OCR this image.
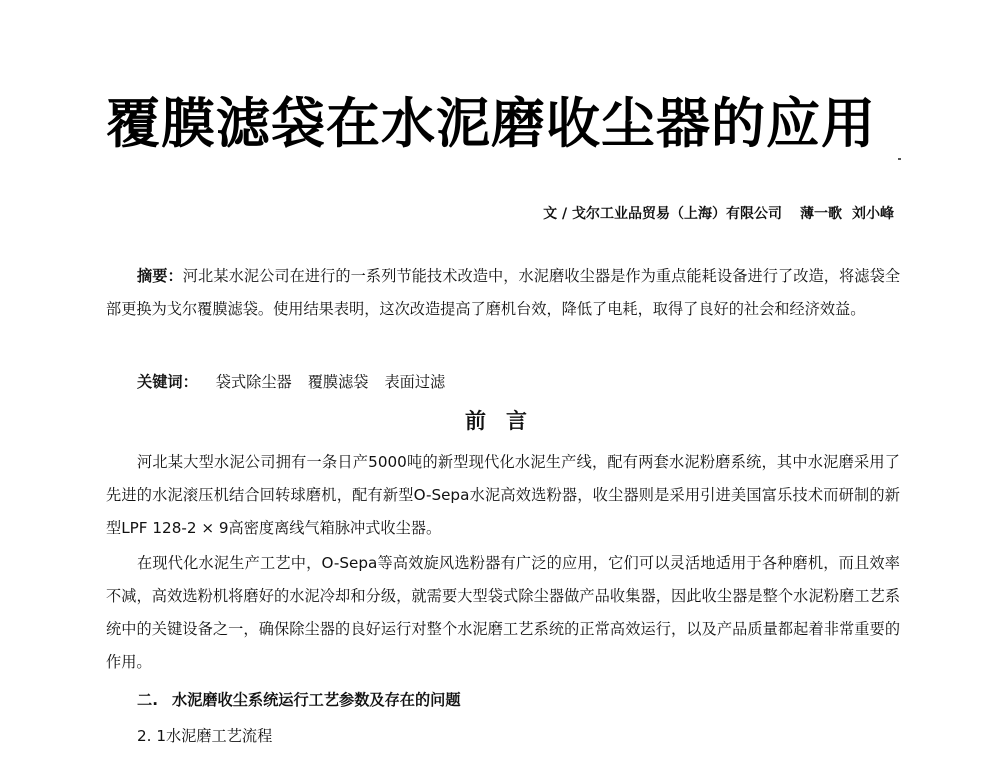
覆膜滤袋在水泥磨收尘器的应用
文 / 戈尔工业品贸易（上海）有限公司 薄一歌 刘小峰

摘要：河北某水泥公司在进行的一系列节能技术改造中，水泥磨收尘器是作为重点能耗设备进行了改造，将滤袋全部更换为戈尔覆膜滤袋。使用结果表明，这次改造提高了磨机台效，降低了电耗，取得了良好的社会和经济效益。

关键词： 袋式除尘器 覆膜滤袋 表面过滤
前言

河北某大型水泥公司拥有一条日产5000吨的新型现代化水泥生产线，配有两套水泥粉磨系统，其中水泥磨采用了先进的水泥滚压机结合回转球磨机，配有新型O-Sepa水泥高效选粉器，收尘器则是采用引进美国富乐技术而研制的新型LPF 128-2 × 9高密度离线气箱脉冲式收尘器。

在现代化水泥生产工艺中，O-Sepa等高效旋风选粉器有广泛的应用，它们可以灵活地适用于各种磨机，而且效率不减，高效选粉机将磨好的水泥冷却和分级，就需要大型袋式除尘器做产品收集器，因此收尘器是整个水泥粉磨工艺系统中的关键设备之一，确保除尘器的良好运行对整个水泥磨工艺系统的正常高效运行，以及产品质量都起着非常重要的作用。

二. 水泥磨收尘系统运行工艺参数及存在的问题
2. 1水泥磨工艺流程
